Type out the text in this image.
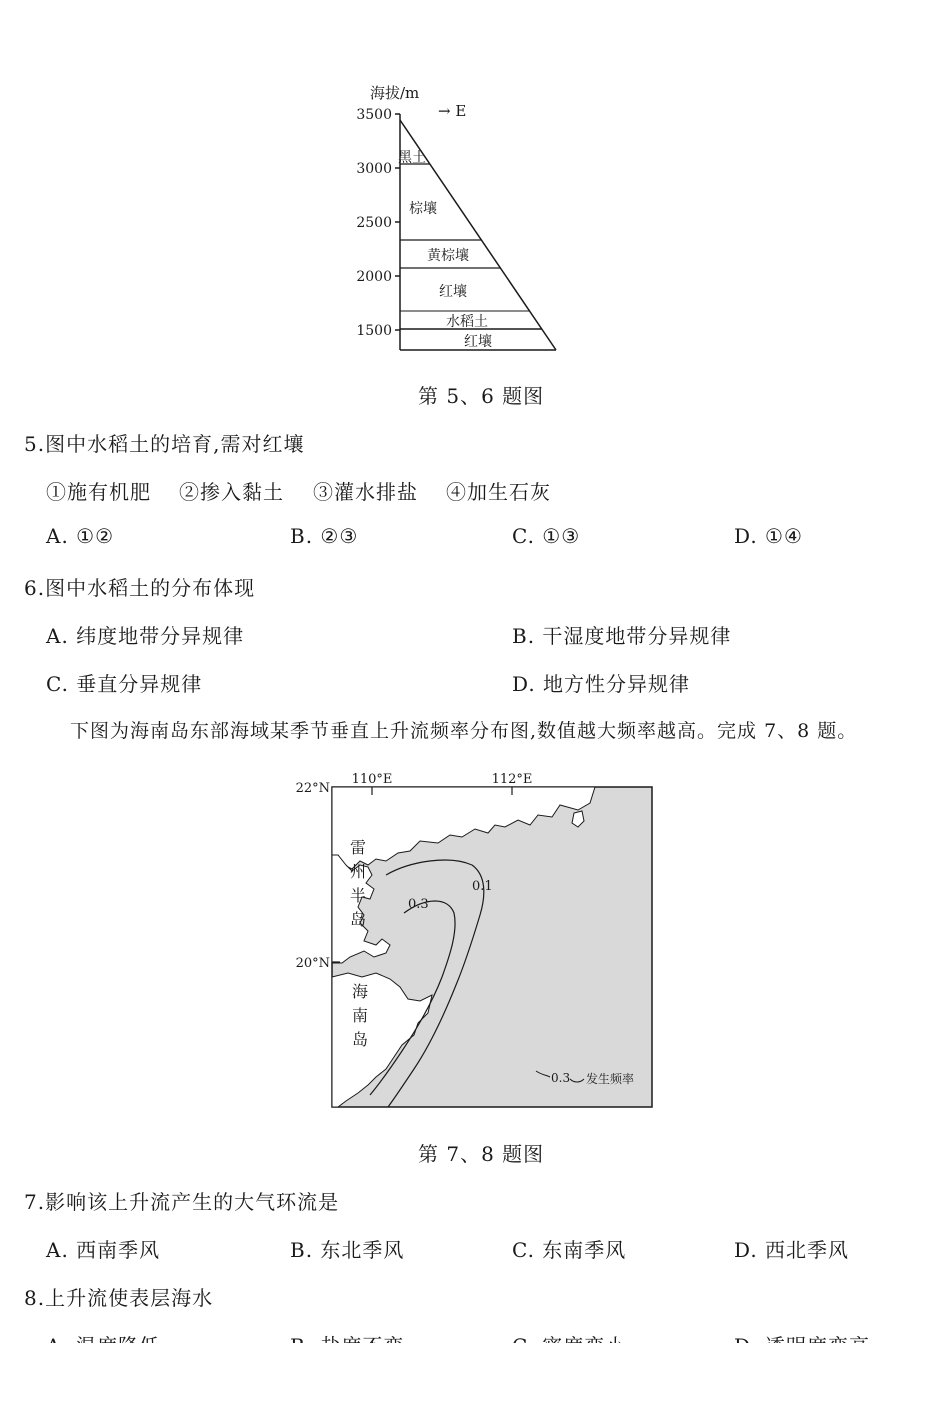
海拔/m
→ E
3500
3000
2500
2000
1500
黑土
棕壤
黄棕壤
红壤
水稻土
红壤
第 5、6 题图
5.图中水稻土的培育,需对红壤
①施有机肥 ②掺入黏土 ③灌水排盐 ④加生石灰
A. ①②	B. ②③	C. ①③	D. ①④
6.图中水稻土的分布体现
A. 纬度地带分异规律	B. 干湿度地带分异规律
C. 垂直分异规律	D. 地方性分异规律
下图为海南岛东部海域某季节垂直上升流频率分布图,数值越大频率越高。完成 7、8 题。
110°E	112°E
22°N
20°N
雷
州
半
岛
海
南
岛
0.1
0.3
0.3 发生频率
第 7、8 题图
7.影响该上升流产生的大气环流是
A. 西南季风	B. 东北季风	C. 东南季风	D. 西北季风
8.上升流使表层海水
